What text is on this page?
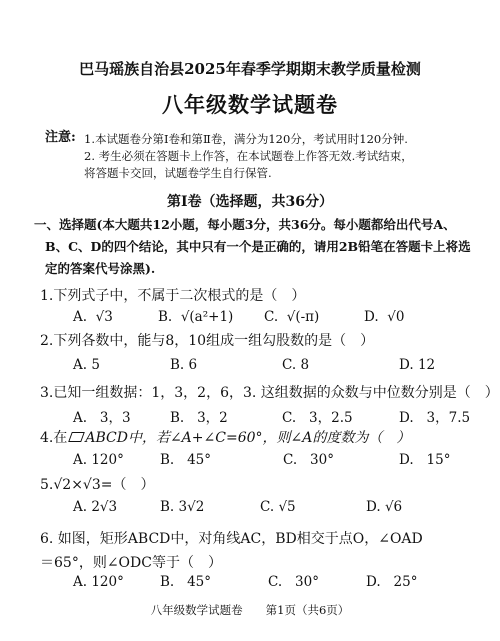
巴马瑶族自治县2025年春季学期期末教学质量检测
八年级数学试题卷
注意: 1.本试题卷分第Ⅰ卷和第Ⅱ卷，满分为120分，考试用时120分钟.
2. 考生必须在答题卡上作答，在本试题卷上作答无效.考试结束，
将答题卡交回，试题卷学生自行保管.
第Ⅰ卷（选择题，共36分）
一、选择题(本大题共12小题，每小题3分，共36分。每小题都给出代号A、
B、C、D的四个结论，其中只有一个是正确的，请用2B铅笔在答题卡上将选
定的答案代号涂黑).
1.下列式子中，不属于二次根式的是（　）
A. √3	B. √(a²+1) C. √(-π)	D. √0
2.下列各数中，能与8，10组成一组勾股数的是（　）
A. 5	B. 6	C. 8	D. 12
3.已知一组数据：1，3，2，6，3. 这组数据的众数与中位数分别是（　）
A. 3，3	B. 3，2	C. 3，2.5	D. 3，7.5
4.在 ABCD中，若∠A+∠C=60°，则∠A的度数为（　）
A. 120°	B. 45°	C. 30°	D. 15°
5.√2×√3=（　）
A. 2√3	B. 3√2	C. √5	D. √6
6. 如图，矩形ABCD中，对角线AC，BD相交于点O，∠OAD
＝65°，则∠ODC等于（　）
A. 120°	B. 45°	C. 30°	D. 25°
八年级数学试题卷　　第1页（共6页）
